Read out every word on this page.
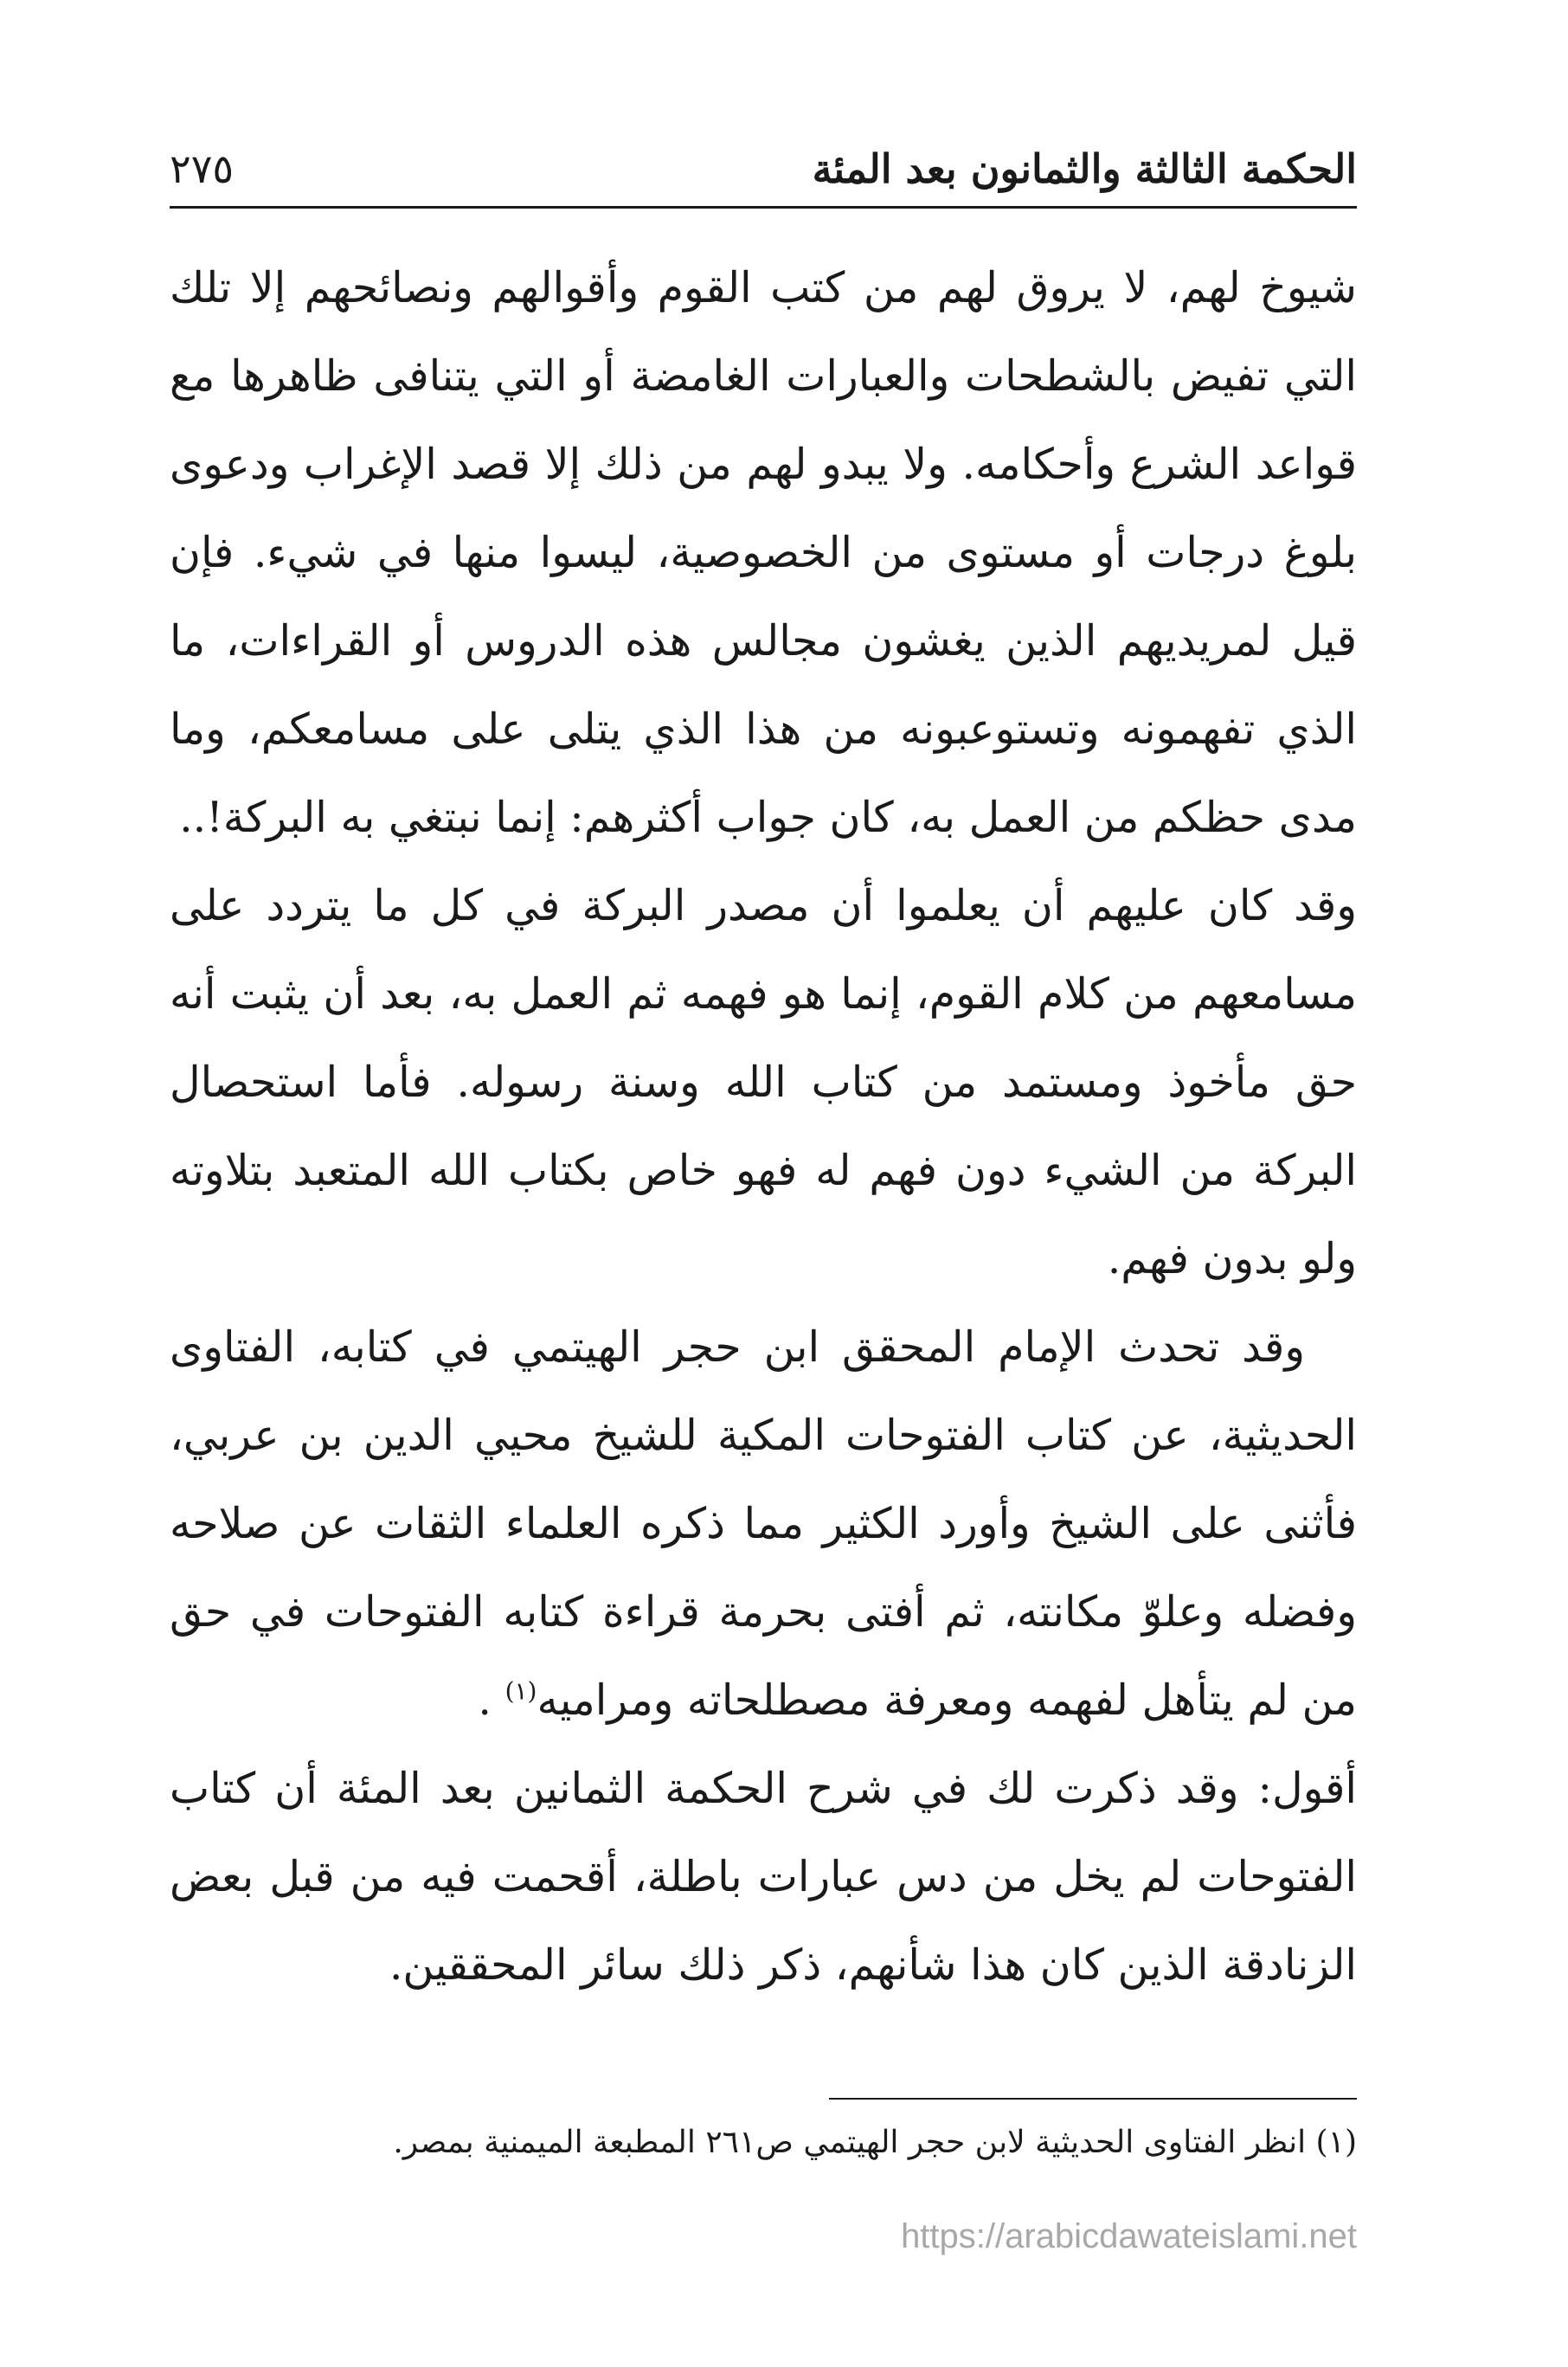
الحكمة الثالثة والثمانون بعد المئة
٢٧٥

شيوخ لهم، لا يروق لهم من كتب القوم وأقوالهم ونصائحهم إلا تلك التي تفيض بالشطحات والعبارات الغامضة أو التي يتنافى ظاهرها مع قواعد الشرع وأحكامه. ولا يبدو لهم من ذلك إلا قصد الإغراب ودعوى بلوغ درجات أو مستوى من الخصوصية، ليسوا منها في شيء. فإن قيل لمريديهم الذين يغشون مجالس هذه الدروس أو القراءات، ما الذي تفهمونه وتستوعبونه من هذا الذي يتلى على مسامعكم، وما مدى حظكم من العمل به، كان جواب أكثرهم: إنما نبتغي به البركة!..

وقد كان عليهم أن يعلموا أن مصدر البركة في كل ما يتردد على مسامعهم من كلام القوم، إنما هو فهمه ثم العمل به، بعد أن يثبت أنه حق مأخوذ ومستمد من كتاب الله وسنة رسوله. فأما استحصال البركة من الشيء دون فهم له فهو خاص بكتاب الله المتعبد بتلاوته ولو بدون فهم.

وقد تحدث الإمام المحقق ابن حجر الهيتمي في كتابه، الفتاوى الحديثية، عن كتاب الفتوحات المكية للشيخ محيي الدين بن عربي، فأثنى على الشيخ وأورد الكثير مما ذكره العلماء الثقات عن صلاحه وفضله وعلوّ مكانته، ثم أفتى بحرمة قراءة كتابه الفتوحات في حق من لم يتأهل لفهمه ومعرفة مصطلحاته ومراميه$^{(١)}$ .

أقول: وقد ذكرت لك في شرح الحكمة الثمانين بعد المئة أن كتاب الفتوحات لم يخل من دس عبارات باطلة، أقحمت فيه من قبل بعض الزنادقة الذين كان هذا شأنهم، ذكر ذلك سائر المحققين.

(١) انظر الفتاوى الحديثية لابن حجر الهيتمي ص٢٦١ المطبعة الميمنية بمصر.
https://arabicdawateislami.net
